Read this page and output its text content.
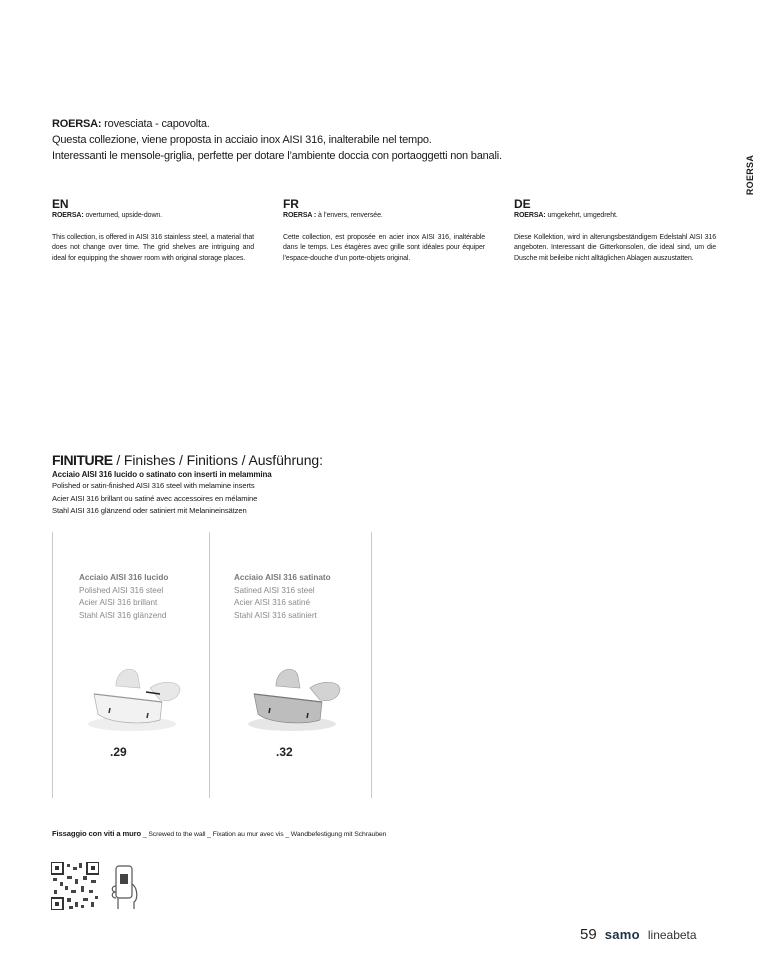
ROERSA: rovesciata - capovolta.
Questa collezione, viene proposta in acciaio inox AISI 316, inalterabile nel tempo.
Interessanti le mensole-griglia, perfette per dotare l’ambiente doccia con portaoggetti non banali.	ROERSA
EN
ROERSA: overturned, upside-down.
This collection, is offered in AISI 316 stainless steel, a material that does not change over time. The grid shelves are intriguing and ideal for equipping the shower room with original storage places.
FR
ROERSA : à l’envers, renversée.
Cette collection, est proposée en acier inox AISI 316, inaltérable dans le temps. Les étagères avec grille sont idéales pour équiper l’espace-douche d’un porte-objets original.
DE
ROERSA: umgekehrt, umgedreht.
Diese Kollektion, wird in alterungsbeständigem Edelstahl AISI 316 angeboten. Interessant die Gitterkonsolen, die ideal sind, um die Dusche mit beileibe nicht alltäglichen Ablagen auszustatten.
FINITURE / Finishes / Finitions / Ausführung:
Acciaio AISI 316 lucido o satinato con inserti in melammina
Polished or satin-finished AISI 316 steel with melamine inserts
Acier AISI 316 brillant ou satiné avec accessoires en mélamine
Stahl AISI 316 glänzend oder satiniert mit Melanineinsätzen
Acciaio AISI 316 lucido
Polished AISI 316 steel
Acier AISI 316 brillant
Stahl AISI 316 glänzend
Acciaio AISI 316 satinato
Satined AISI 316 steel
Acier AISI 316 satiné
Stahl AISI 316 satiniert
.29	.32
Fissaggio con viti a muro _ Screwed to the wall _ Fixation au mur avec vis _ Wandbefestigung mit Schrauben
59 samo lineabeta
